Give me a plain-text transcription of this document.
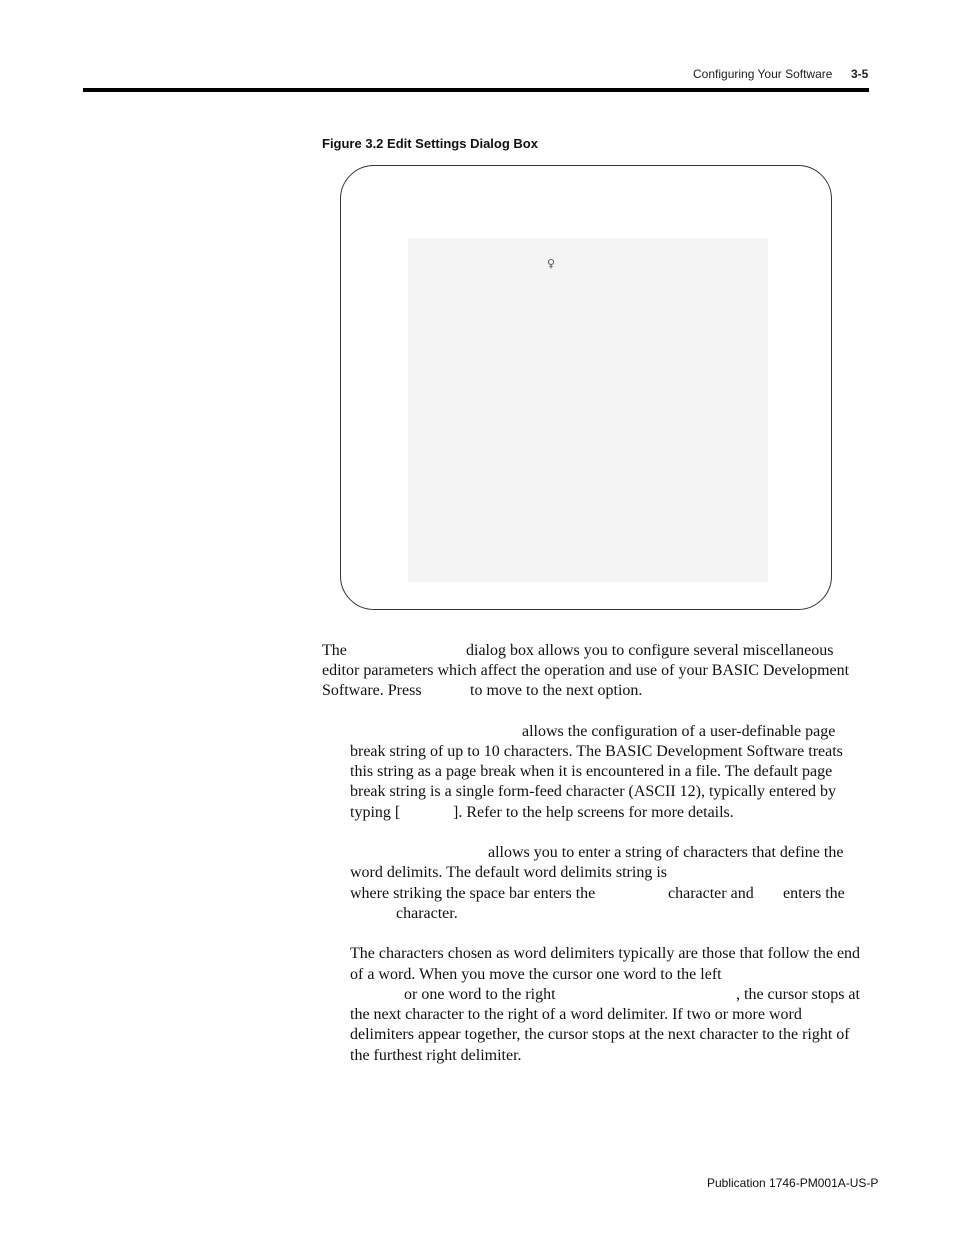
Configuring Your Software 3-5
Figure 3.2 Edit Settings Dialog Box
♀
The	dialog box allows you to configure several miscellaneous
editor parameters which affect the operation and use of your BASIC Development
Software. Press	to move to the next option.
allows the configuration of a user-definable page
break string of up to 10 characters. The BASIC Development Software treats
this string as a page break when it is encountered in a file. The default page
break string is a single form-feed character (ASCII 12), typically entered by
typing [	]. Refer to the help screens for more details.
allows you to enter a string of characters that define the
word delimits. The default word delimits string is
where striking the space bar enters the	character and enters the
character.
The characters chosen as word delimiters typically are those that follow the end
of a word. When you move the cursor one word to the left
or one word to the right	, the cursor stops at
the next character to the right of a word delimiter. If two or more word
delimiters appear together, the cursor stops at the next character to the right of
the furthest right delimiter.
Publication 1746-PM001A-US-P
